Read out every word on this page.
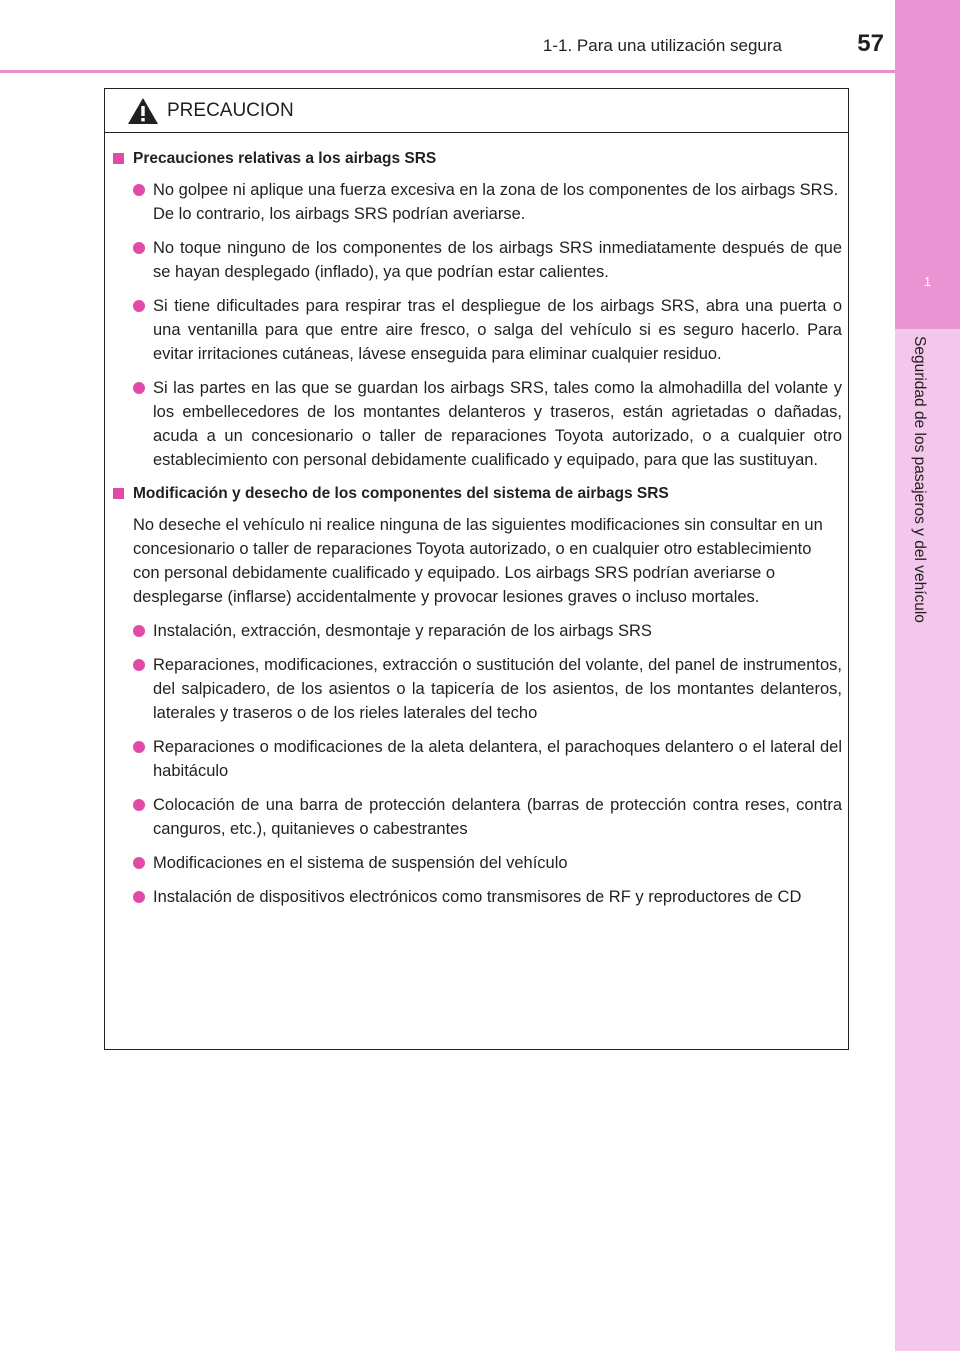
1-1. Para una utilización segura	57
1
Seguridad de los pasajeros y del vehículo
PRECAUCION
Precauciones relativas a los airbags SRS
No golpee ni aplique una fuerza excesiva en la zona de los componentes de los airbags SRS.
De lo contrario, los airbags SRS podrían averiarse.
No toque ninguno de los componentes de los airbags SRS inmediatamente después de que se hayan desplegado (inflado), ya que podrían estar calientes.
Si tiene dificultades para respirar tras el despliegue de los airbags SRS, abra una puerta o una ventanilla para que entre aire fresco, o salga del vehículo si es seguro hacerlo. Para evitar irritaciones cutáneas, lávese enseguida para eliminar cualquier residuo.
Si las partes en las que se guardan los airbags SRS, tales como la almohadilla del volante y los embellecedores de los montantes delanteros y traseros, están agrietadas o dañadas, acuda a un concesionario o taller de reparaciones Toyota autorizado, o a cualquier otro establecimiento con personal debidamente cualificado y equipado, para que las sustituyan.
Modificación y desecho de los componentes del sistema de airbags SRS
No deseche el vehículo ni realice ninguna de las siguientes modificaciones sin consultar en un concesionario o taller de reparaciones Toyota autorizado, o en cualquier otro establecimiento con personal debidamente cualificado y equipado. Los airbags SRS podrían averiarse o desplegarse (inflarse) accidentalmente y provocar lesiones graves o incluso mortales.
Instalación, extracción, desmontaje y reparación de los airbags SRS
Reparaciones, modificaciones, extracción o sustitución del volante, del panel de instrumentos, del salpicadero, de los asientos o la tapicería de los asientos, de los montantes delanteros, laterales y traseros o de los rieles laterales del techo
Reparaciones o modificaciones de la aleta delantera, el parachoques delantero o el lateral del habitáculo
Colocación de una barra de protección delantera (barras de protección contra reses, contra canguros, etc.), quitanieves o cabestrantes
Modificaciones en el sistema de suspensión del vehículo
Instalación de dispositivos electrónicos como transmisores de RF y reproductores de CD
